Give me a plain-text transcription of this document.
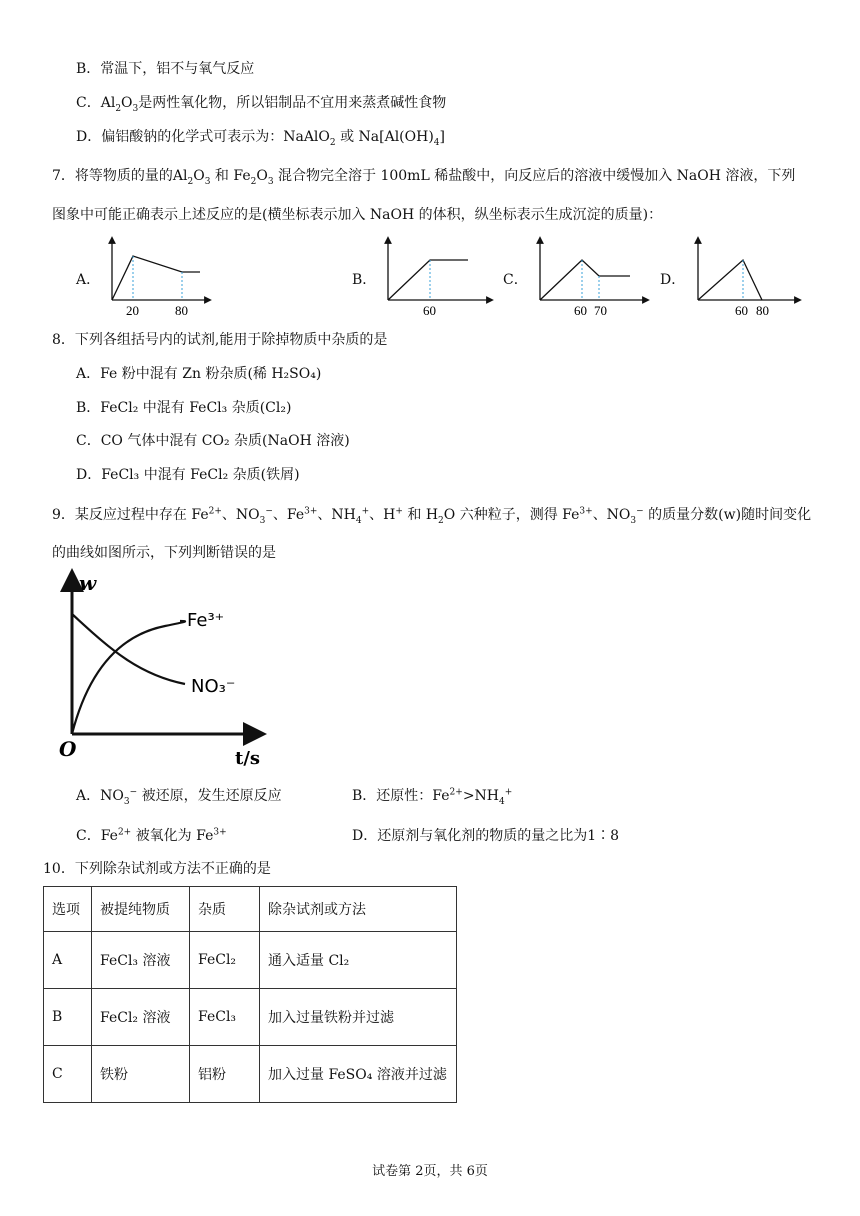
B．常温下，铝不与氧气反应
C．$Al_2O_3$是两性氧化物，所以铝制品不宜用来蒸煮碱性食物
D．偏铝酸钠的化学式可表示为：NaAlO$_2$ 或 $Na[Al(OH)_4]$
7．将等物质的量的$Al_2O_3$ 和 $Fe_2O_3$ 混合物完全溶于 100mL 稀盐酸中，向反应后的溶液中缓慢加入 NaOH 溶液，下列
图象中可能正确表示上述反应的是(横坐标表示加入 NaOH 的体积，纵坐标表示生成沉淀的质量)：
A．	B．	C．	D．
20	80	60	60 70	60 80
8．下列各组括号内的试剂,能用于除掉物质中杂质的是
A．Fe 粉中混有 Zn 粉杂质(稀 H₂SO₄)
B．FeCl₂ 中混有 FeCl₃ 杂质(Cl₂)
C．CO 气体中混有 CO₂ 杂质(NaOH 溶液)
D．FeCl₃ 中混有 FeCl₂ 杂质(铁屑)
9．某反应过程中存在 $Fe^{2+}$、$NO_3^-$、$Fe^{3+}$、$NH_4^+$、H+ 和 $H_2O$ 六种粒子，测得 $Fe^{3+}$、$NO_3^-$ 的质量分数(w)随时间变化
的曲线如图所示，下列判断错误的是
w
O	t/s
Fe³⁺
NO₃⁻
A．$NO_3^-$ 被还原，发生还原反应	B．还原性：$Fe^{2+}>NH_4^+$
C．$Fe^{2+}$ 被氧化为 $Fe^{3+}$	D．还原剂与氧化剂的物质的量之比为1∶8
10．下列除杂试剂或方法不正确的是
选项	被提纯物质	杂质	除杂试剂或方法
A	FeCl₃ 溶液	FeCl₂	通入适量 Cl₂
B	FeCl₂ 溶液	FeCl₃	加入过量铁粉并过滤
C	铁粉	铝粉	加入过量 FeSO₄ 溶液并过滤
试卷第 2页，共 6页
